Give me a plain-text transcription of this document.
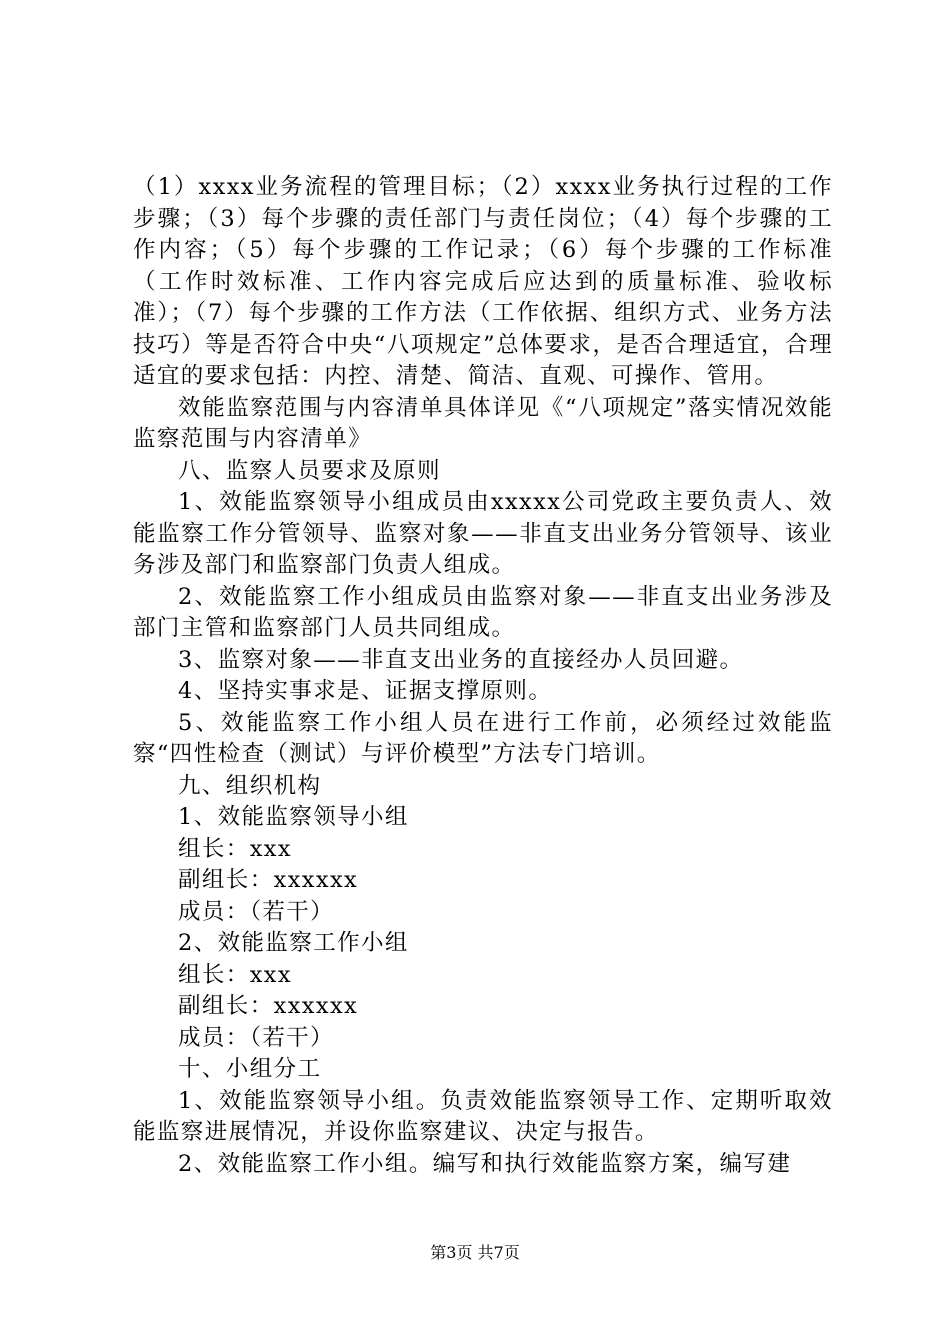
（1）xxxx业务流程的管理目标；（2）xxxx业务执行过程的工作步骤；（3）每个步骤的责任部门与责任岗位；（4）每个步骤的工作内容；（5）每个步骤的工作记录；（6）每个步骤的工作标准（工作时效标准、工作内容完成后应达到的质量标准、验收标准）；（7）每个步骤的工作方法（工作依据、组织方式、业务方法技巧）等是否符合中央“八项规定”总体要求，是否合理适宜，合理适宜的要求包括：内控、清楚、简洁、直观、可操作、管用。

效能监察范围与内容清单具体详见《“八项规定”落实情况效能监察范围与内容清单》

八、监察人员要求及原则

1、效能监察领导小组成员由xxxxx公司党政主要负责人、效能监察工作分管领导、监察对象——非直支出业务分管领导、该业务涉及部门和监察部门负责人组成。

2、效能监察工作小组成员由监察对象——非直支出业务涉及部门主管和监察部门人员共同组成。

3、监察对象——非直支出业务的直接经办人员回避。

4、坚持实事求是、证据支撑原则。

5、效能监察工作小组人员在进行工作前，必须经过效能监察“四性检查（测试）与评价模型”方法专门培训。

九、组织机构

1、效能监察领导小组

组长：xxx

副组长：xxxxxx

成员：（若干）

2、效能监察工作小组

组长：xxx

副组长：xxxxxx

成员：（若干）

十、小组分工

1、效能监察领导小组。负责效能监察领导工作、定期听取效能监察进展情况，并设你监察建议、决定与报告。

2、效能监察工作小组。编写和执行效能监察方案，编写建

第3页 共7页
